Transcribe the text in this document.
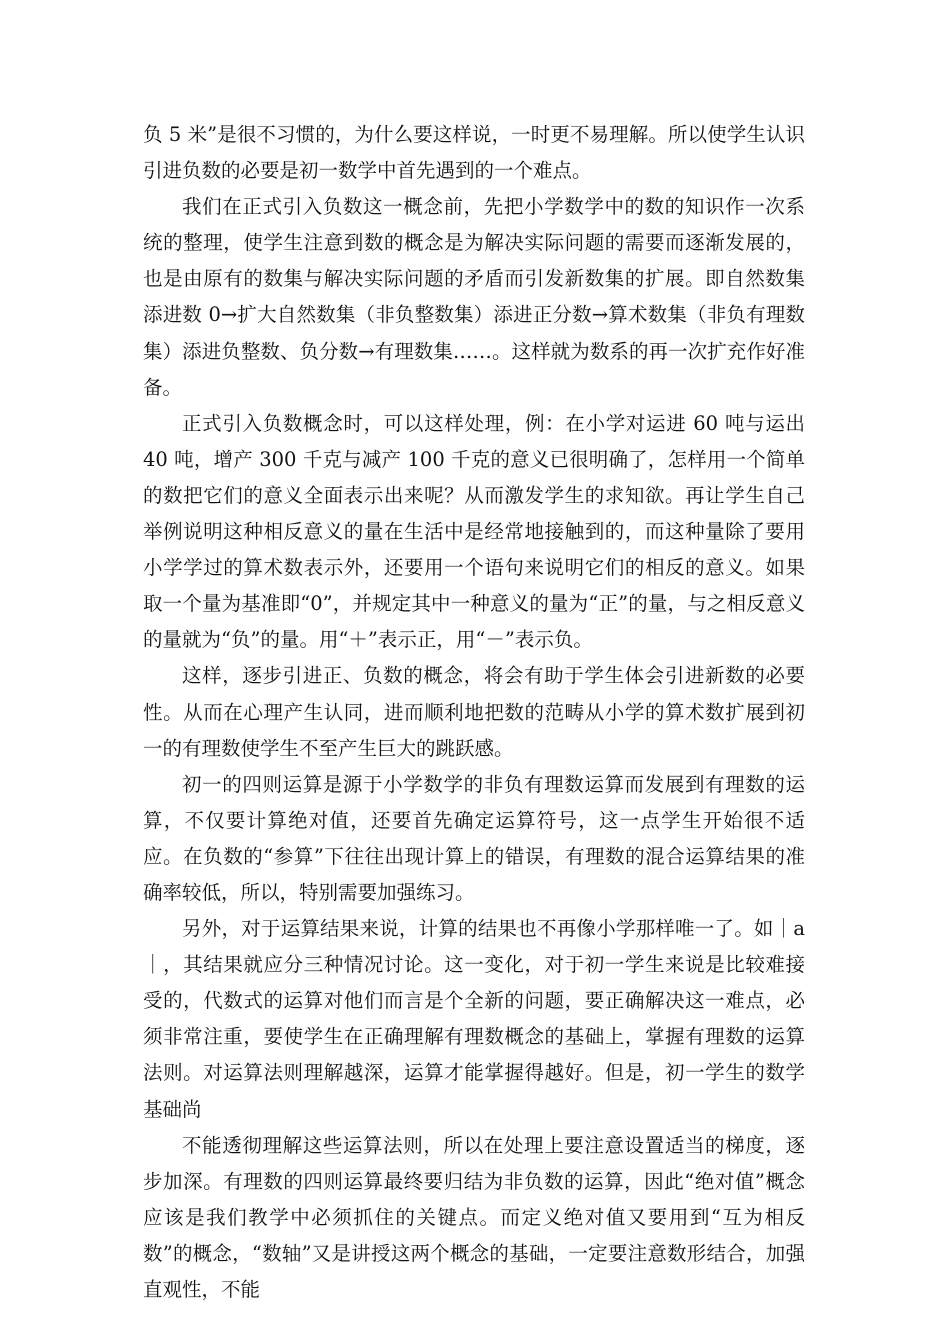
负 5 米”是很不习惯的，为什么要这样说，一时更不易理解。所以使学生认识引进负数的必要是初一数学中首先遇到的一个难点。

我们在正式引入负数这一概念前，先把小学数学中的数的知识作一次系统的整理，使学生注意到数的概念是为解决实际问题的需要而逐渐发展的，也是由原有的数集与解决实际问题的矛盾而引发新数集的扩展。即自然数集添进数 0→扩大自然数集（非负整数集）添进正分数→算术数集（非负有理数集）添进负整数、负分数→有理数集……。这样就为数系的再一次扩充作好准备。

正式引入负数概念时，可以这样处理，例：在小学对运进 60 吨与运出 40 吨，增产 300 千克与减产 100 千克的意义已很明确了，怎样用一个简单的数把它们的意义全面表示出来呢？从而激发学生的求知欲。再让学生自己举例说明这种相反意义的量在生活中是经常地接触到的，而这种量除了要用小学学过的算术数表示外，还要用一个语句来说明它们的相反的意义。如果取一个量为基准即“0”，并规定其中一种意义的量为“正”的量，与之相反意义的量就为“负”的量。用“＋”表示正，用“－”表示负。

这样，逐步引进正、负数的概念，将会有助于学生体会引进新数的必要性。从而在心理产生认同，进而顺利地把数的范畴从小学的算术数扩展到初一的有理数使学生不至产生巨大的跳跃感。

初一的四则运算是源于小学数学的非负有理数运算而发展到有理数的运算，不仅要计算绝对值，还要首先确定运算符号，这一点学生开始很不适应。在负数的“参算”下往往出现计算上的错误，有理数的混合运算结果的准确率较低，所以，特别需要加强练习。

另外，对于运算结果来说，计算的结果也不再像小学那样唯一了。如｜a｜，其结果就应分三种情况讨论。这一变化，对于初一学生来说是比较难接受的，代数式的运算对他们而言是个全新的问题，要正确解决这一难点，必须非常注重，要使学生在正确理解有理数概念的基础上，掌握有理数的运算法则。对运算法则理解越深，运算才能掌握得越好。但是，初一学生的数学基础尚

不能透彻理解这些运算法则，所以在处理上要注意设置适当的梯度，逐步加深。有理数的四则运算最终要归结为非负数的运算，因此“绝对值”概念应该是我们教学中必须抓住的关键点。而定义绝对值又要用到“互为相反数”的概念，“数轴”又是讲授这两个概念的基础，一定要注意数形结合，加强直观性，不能
